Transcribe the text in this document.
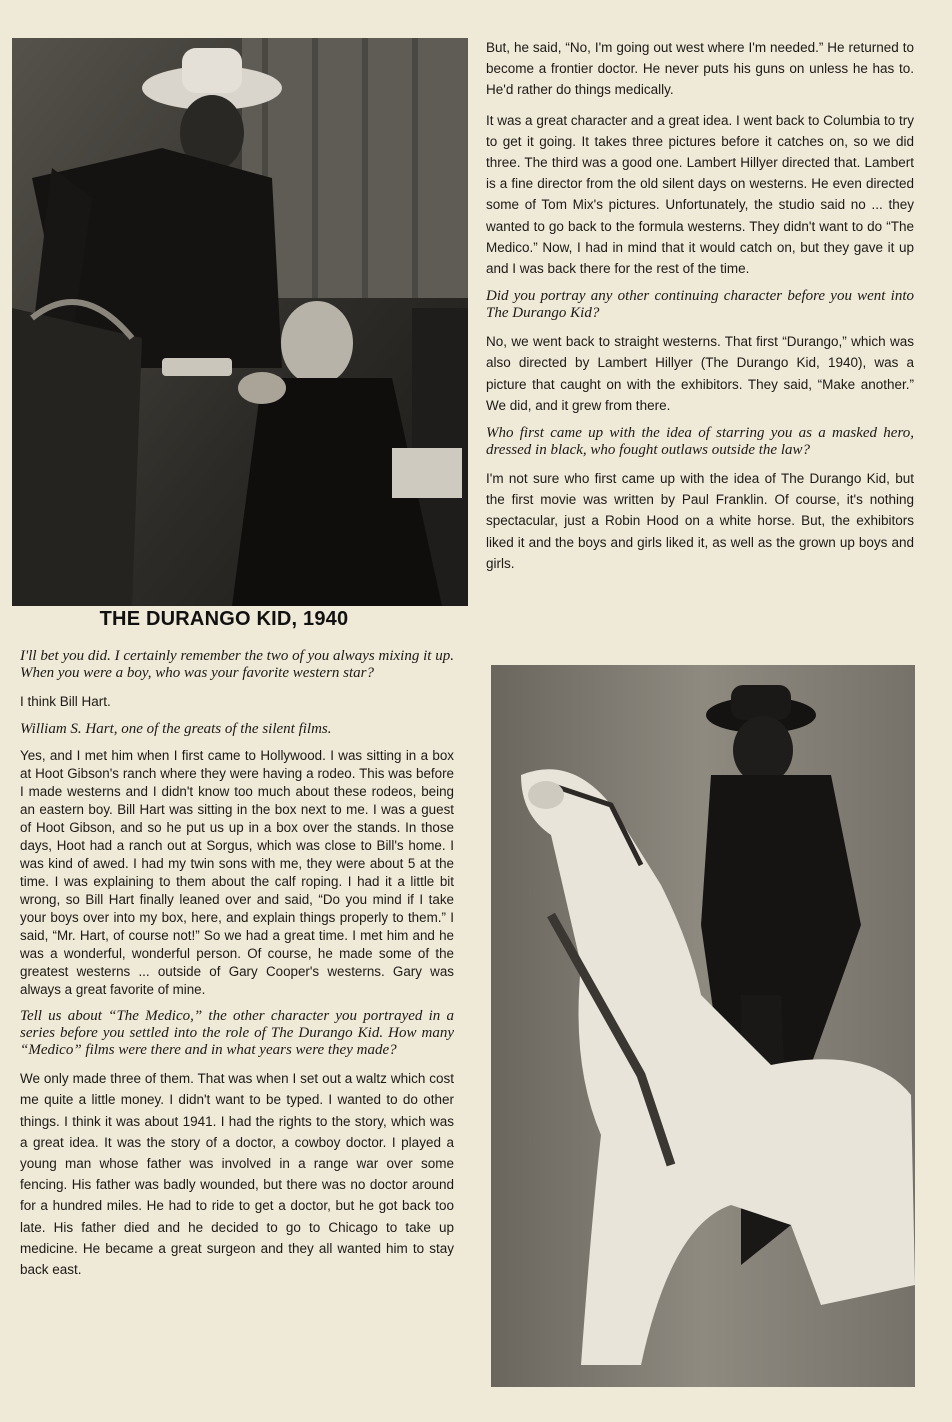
THE DURANGO KID, 1940

I'll bet you did. I certainly remember the two of you always mixing it up. When you were a boy, who was your favorite western star?

I think Bill Hart.

William S. Hart, one of the greats of the silent films.

Yes, and I met him when I first came to Hollywood. I was sitting in a box at Hoot Gibson's ranch where they were having a rodeo. This was before I made westerns and I didn't know too much about these rodeos, being an eastern boy. Bill Hart was sitting in the box next to me. I was a guest of Hoot Gibson, and so he put us up in a box over the stands. In those days, Hoot had a ranch out at Sorgus, which was close to Bill's home. I was kind of awed. I had my twin sons with me, they were about 5 at the time. I was explaining to them about the calf roping. I had it a little bit wrong, so Bill Hart finally leaned over and said, “Do you mind if I take your boys over into my box, here, and explain things properly to them.” I said, “Mr. Hart, of course not!” So we had a great time. I met him and he was a wonderful, wonderful person. Of course, he made some of the greatest westerns ... outside of Gary Cooper's westerns. Gary was always a great favorite of mine.

Tell us about “The Medico,” the other character you portrayed in a series before you settled into the role of The Durango Kid. How many “Medico” films were there and in what years were they made?

We only made three of them. That was when I set out a waltz which cost me quite a little money. I didn't want to be typed. I wanted to do other things. I think it was about 1941. I had the rights to the story, which was a great idea. It was the story of a doctor, a cowboy doctor. I played a young man whose father was involved in a range war over some fencing. His father was badly wounded, but there was no doctor around for a hundred miles. He had to ride to get a doctor, but he got back too late. His father died and he decided to go to Chicago to take up medicine. He became a great surgeon and they all wanted him to stay back east.

But, he said, “No, I'm going out west where I'm needed.” He returned to become a frontier doctor. He never puts his guns on unless he has to. He'd rather do things medically.

It was a great character and a great idea. I went back to Columbia to try to get it going. It takes three pictures before it catches on, so we did three. The third was a good one. Lambert Hillyer directed that. Lambert is a fine director from the old silent days on westerns. He even directed some of Tom Mix's pictures. Unfortunately, the studio said no ... they wanted to go back to the formula westerns. They didn't want to do “The Medico.” Now, I had in mind that it would catch on, but they gave it up and I was back there for the rest of the time.

Did you portray any other continuing character before you went into The Durango Kid?

No, we went back to straight westerns. That first “Durango,” which was also directed by Lambert Hillyer (The Durango Kid, 1940), was a picture that caught on with the exhibitors. They said, “Make another.” We did, and it grew from there.

Who first came up with the idea of starring you as a masked hero, dressed in black, who fought outlaws outside the law?

I'm not sure who first came up with the idea of The Durango Kid, but the first movie was written by Paul Franklin. Of course, it's nothing spectacular, just a Robin Hood on a white horse. But, the exhibitors liked it and the boys and girls liked it, as well as the grown up boys and girls.
